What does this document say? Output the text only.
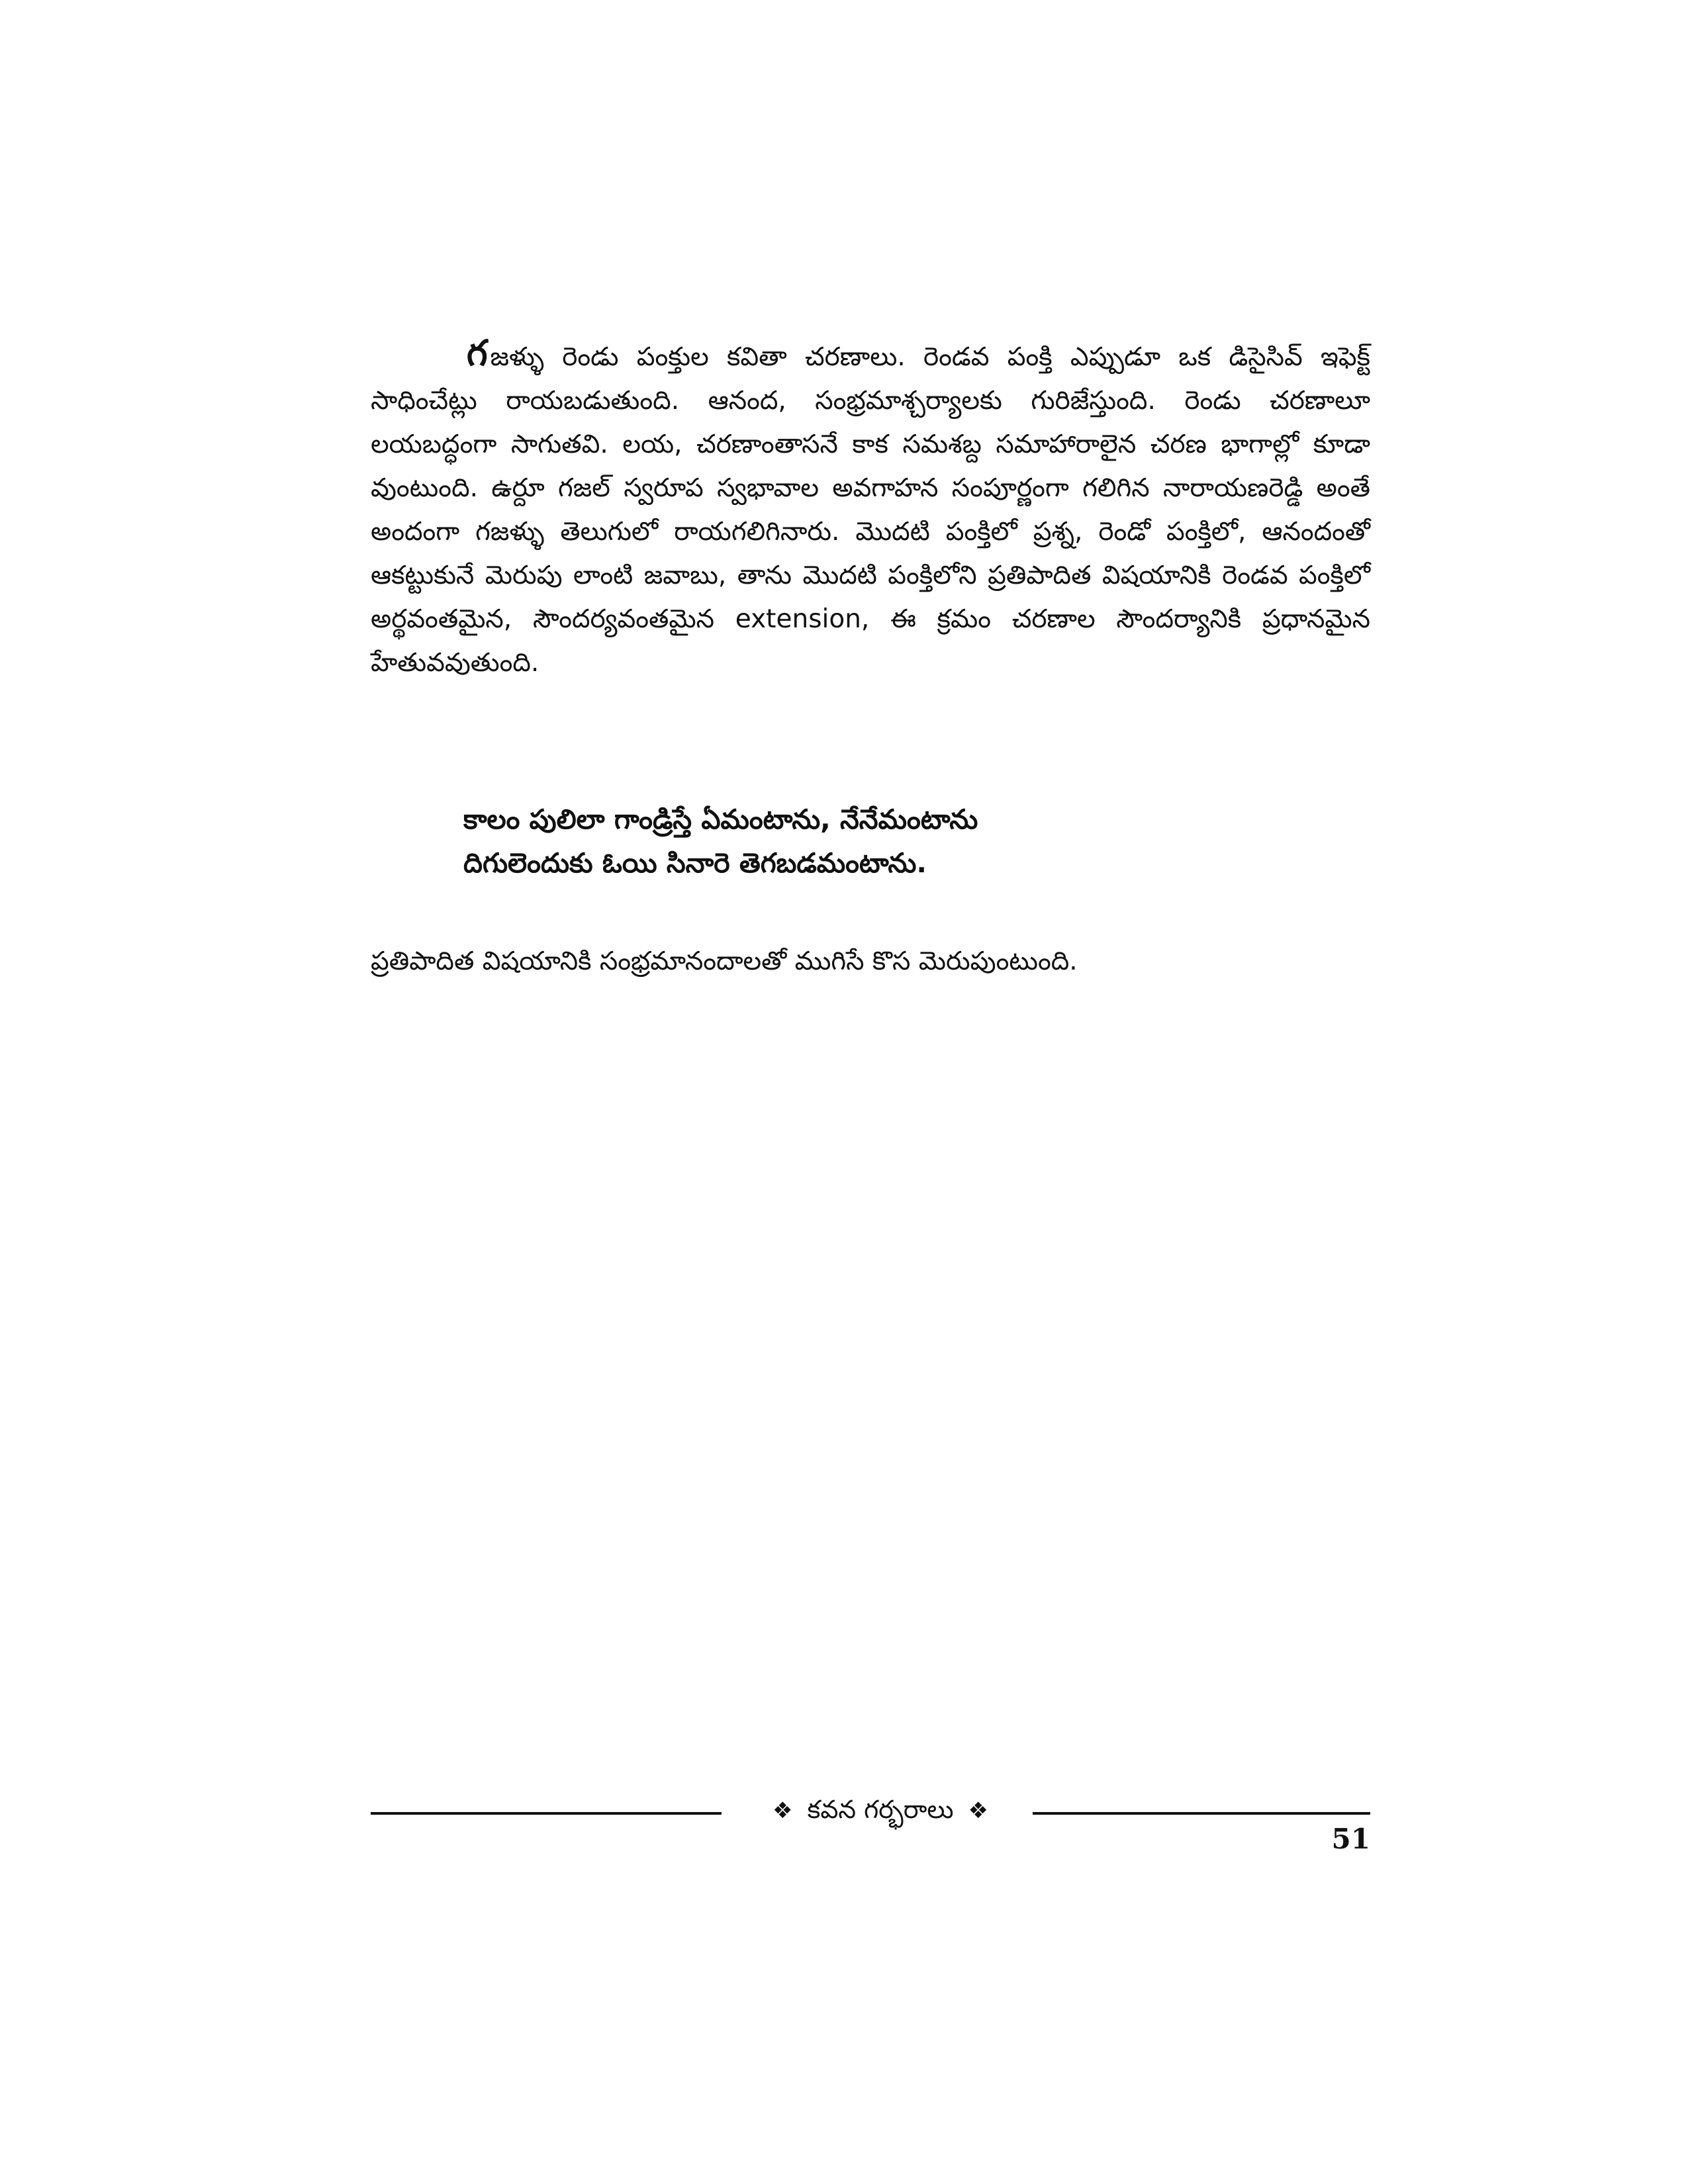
గ జళ్ళు రెండు పంక్తుల కవితా చరణాలు. రెండవ పంక్తి ఎప్పుడూ ఒక డిసైసివ్ ఇఫెక్ట్ సాధించేట్లు రాయబడుతుంది. ఆనంద, సంభ్రమాశ్చర్యాలకు గురిజేస్తుంది. రెండు చరణాలూ లయబద్ధంగా సాగుతవి. లయ, చరణాంతాసనే కాక సమశబ్ద సమాహారాలైన చరణ భాగాల్లో కూడా వుంటుంది. ఉర్దూ గజల్ స్వరూప స్వభావాల అవగాహన సంపూర్ణంగా గలిగిన నారాయణరెడ్డి అంతే అందంగా గజళ్ళు తెలుగులో రాయగలిగినారు. మొదటి పంక్తిలో ప్రశ్న, రెండో పంక్తిలో, ఆనందంతో ఆకట్టుకునే మెరుపు లాంటి జవాబు, తాను మొదటి పంక్తిలోని ప్రతిపాదిత విషయానికి రెండవ పంక్తిలో అర్థవంతమైన, సౌందర్యవంతమైన extension, ఈ క్రమం చరణాల సౌందర్యానికి ప్రధానమైన హేతువవుతుంది.

కాలం పులిలా గాండ్రిస్తే ఏమంటాను, నేనేమంటాను
దిగులెందుకు ఓయి సినారె తెగబడమంటాను.

ప్రతిపాదిత విషయానికి సంభ్రమానందాలతో ముగిసే కొస మెరుపుంటుంది.

❖ కవన గర్భరాలు ❖
51
